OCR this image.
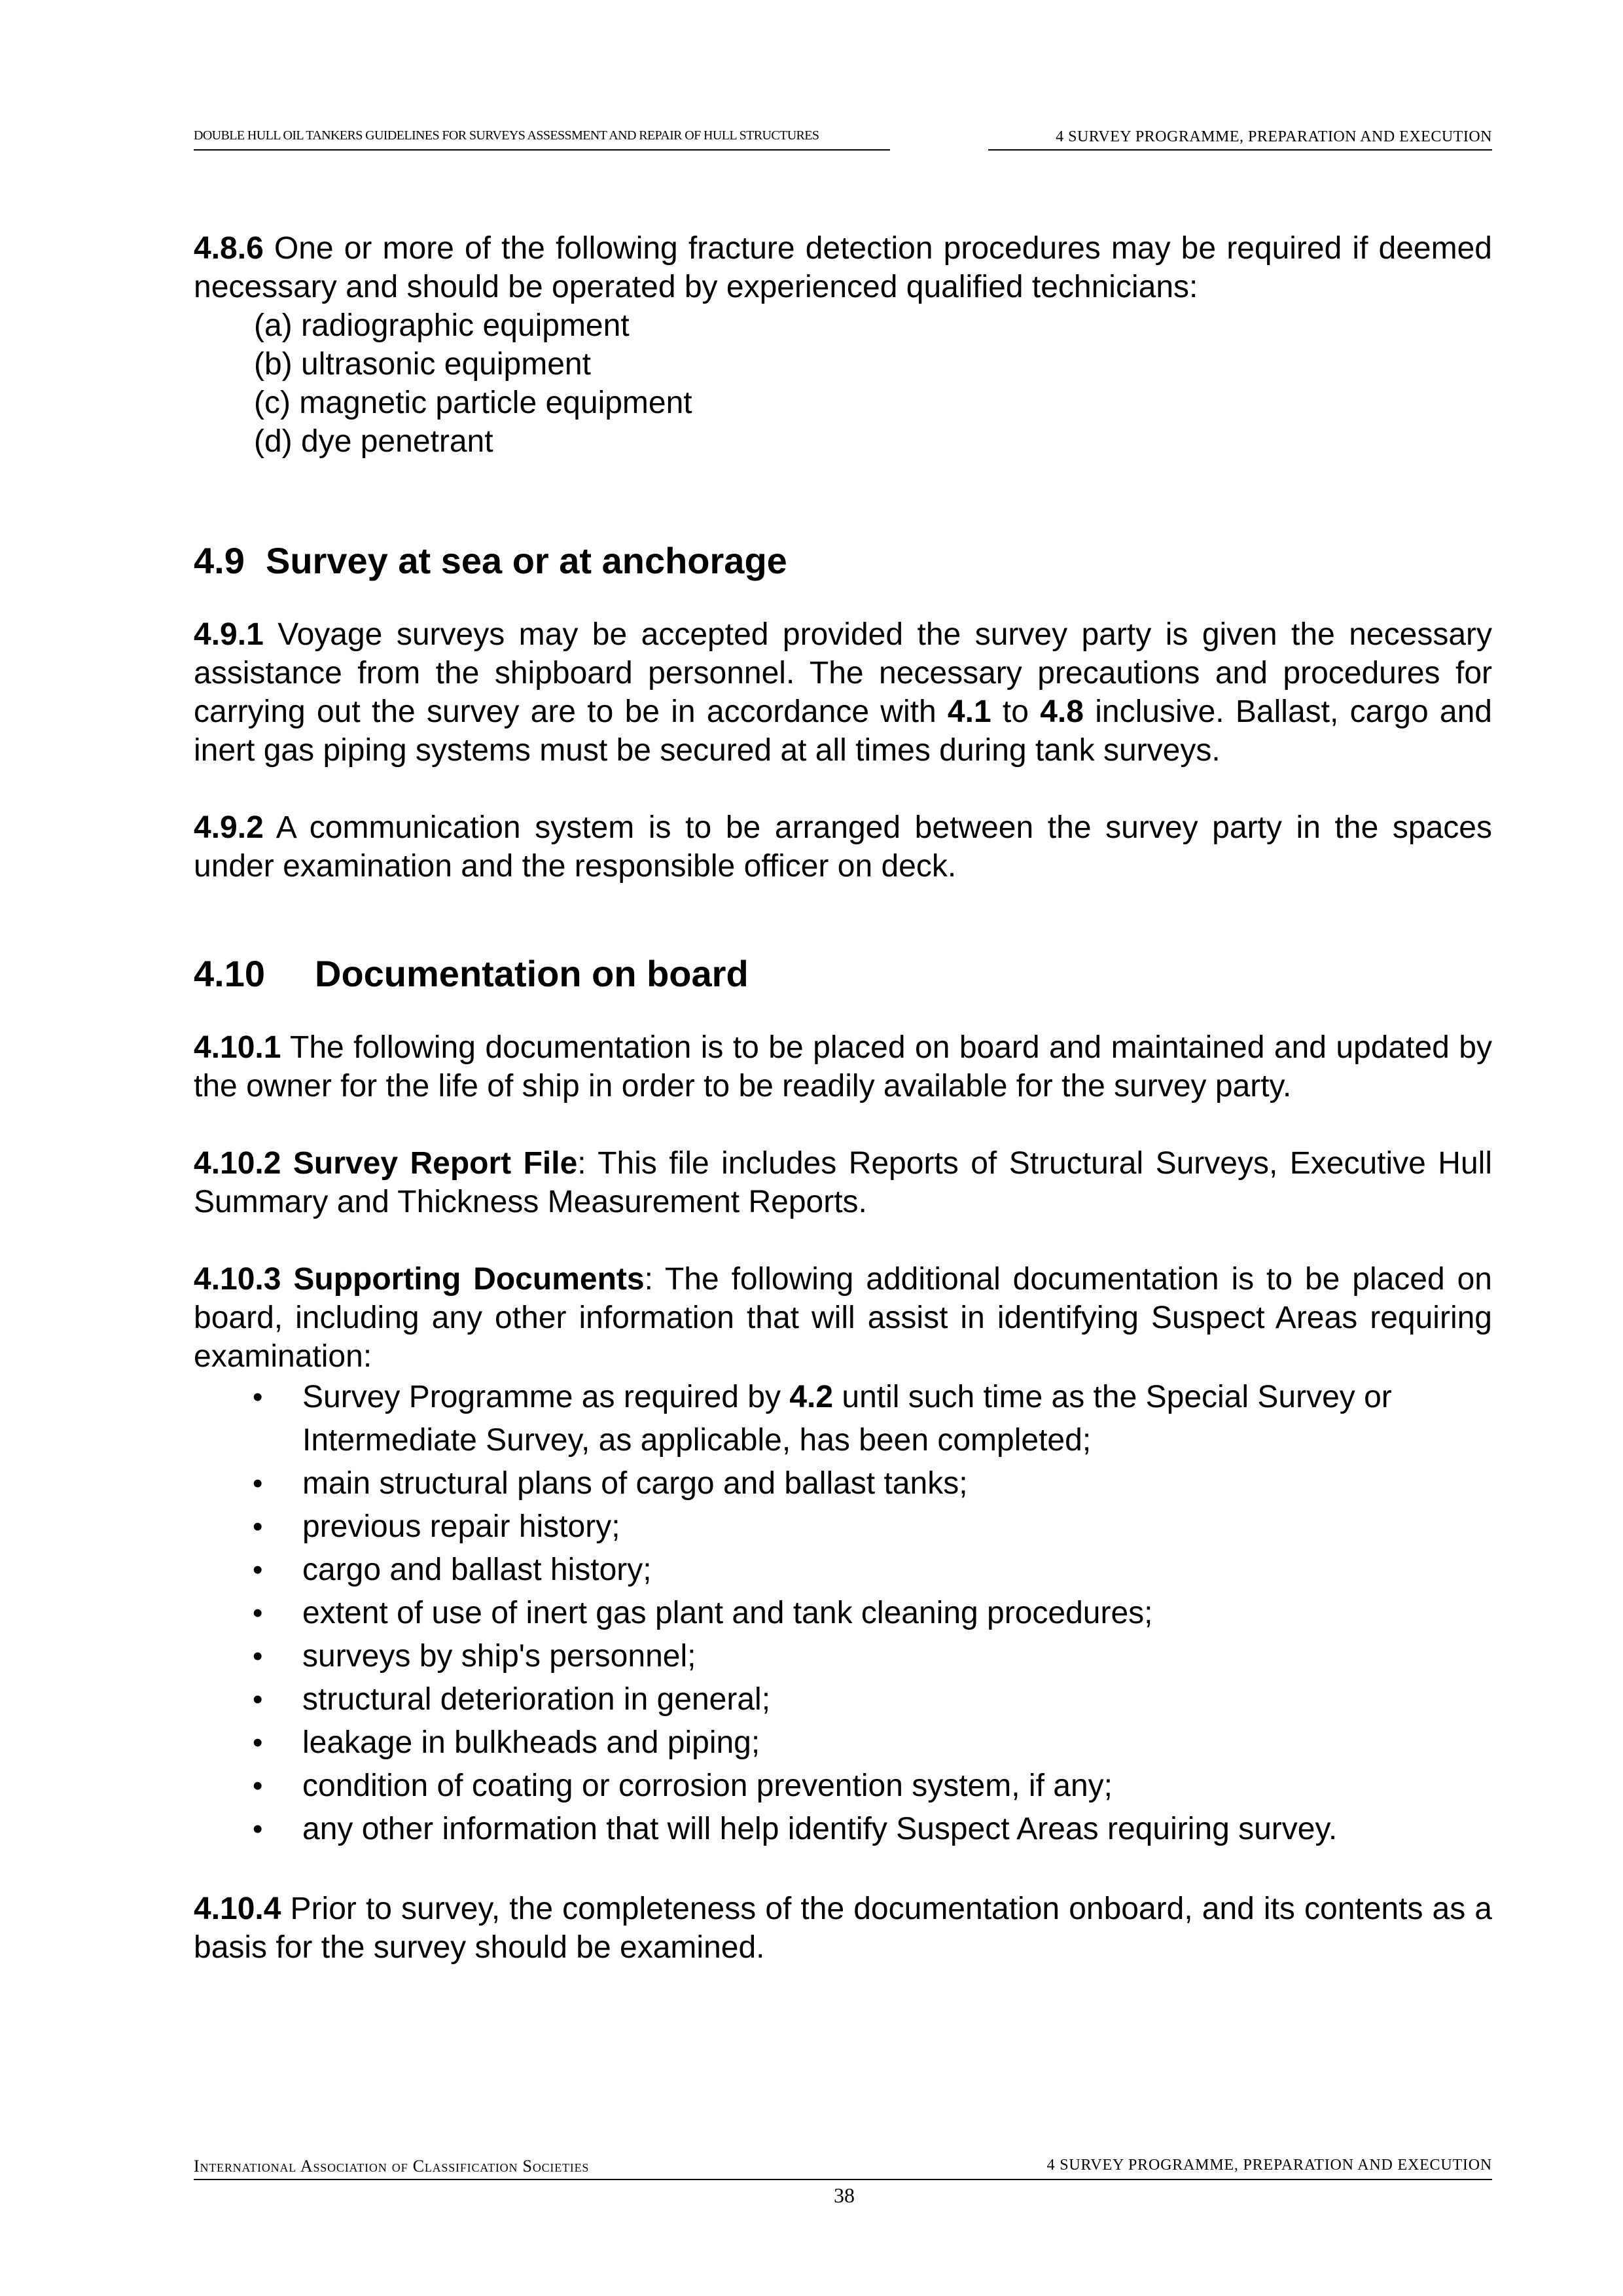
DOUBLE HULL OIL TANKERS GUIDELINES FOR SURVEYS ASSESSMENT AND REPAIR OF HULL STRUCTURES	4 SURVEY PROGRAMME, PREPARATION AND EXECUTION

4.8.6 One or more of the following fracture detection procedures may be required if deemed necessary and should be operated by experienced qualified technicians:

(a) radiographic equipment
(b) ultrasonic equipment
(c) magnetic particle equipment
(d) dye penetrant
4.9 Survey at sea or at anchorage

4.9.1 Voyage surveys may be accepted provided the survey party is given the necessary assistance from the shipboard personnel. The necessary precautions and procedures for carrying out the survey are to be in accordance with 4.1 to 4.8 inclusive. Ballast, cargo and inert gas piping systems must be secured at all times during tank surveys.

4.9.2 A communication system is to be arranged between the survey party in the spaces under examination and the responsible officer on deck.

4.10 Documentation on board

4.10.1 The following documentation is to be placed on board and maintained and updated by the owner for the life of ship in order to be readily available for the survey party.

4.10.2 Survey Report File: This file includes Reports of Structural Surveys, Executive Hull Summary and Thickness Measurement Reports.

4.10.3 Supporting Documents: The following additional documentation is to be placed on board, including any other information that will assist in identifying Suspect Areas requiring examination:

• Survey Programme as required by 4.2 until such time as the Special Survey or Intermediate Survey, as applicable, has been completed;
• main structural plans of cargo and ballast tanks;
• previous repair history;
• cargo and ballast history;
• extent of use of inert gas plant and tank cleaning procedures;
• surveys by ship's personnel;
• structural deterioration in general;
• leakage in bulkheads and piping;
• condition of coating or corrosion prevention system, if any;
• any other information that will help identify Suspect Areas requiring survey.

4.10.4 Prior to survey, the completeness of the documentation onboard, and its contents as a basis for the survey should be examined.

International Association of Classification Societies	4 SURVEY PROGRAMME, PREPARATION AND EXECUTION
38
